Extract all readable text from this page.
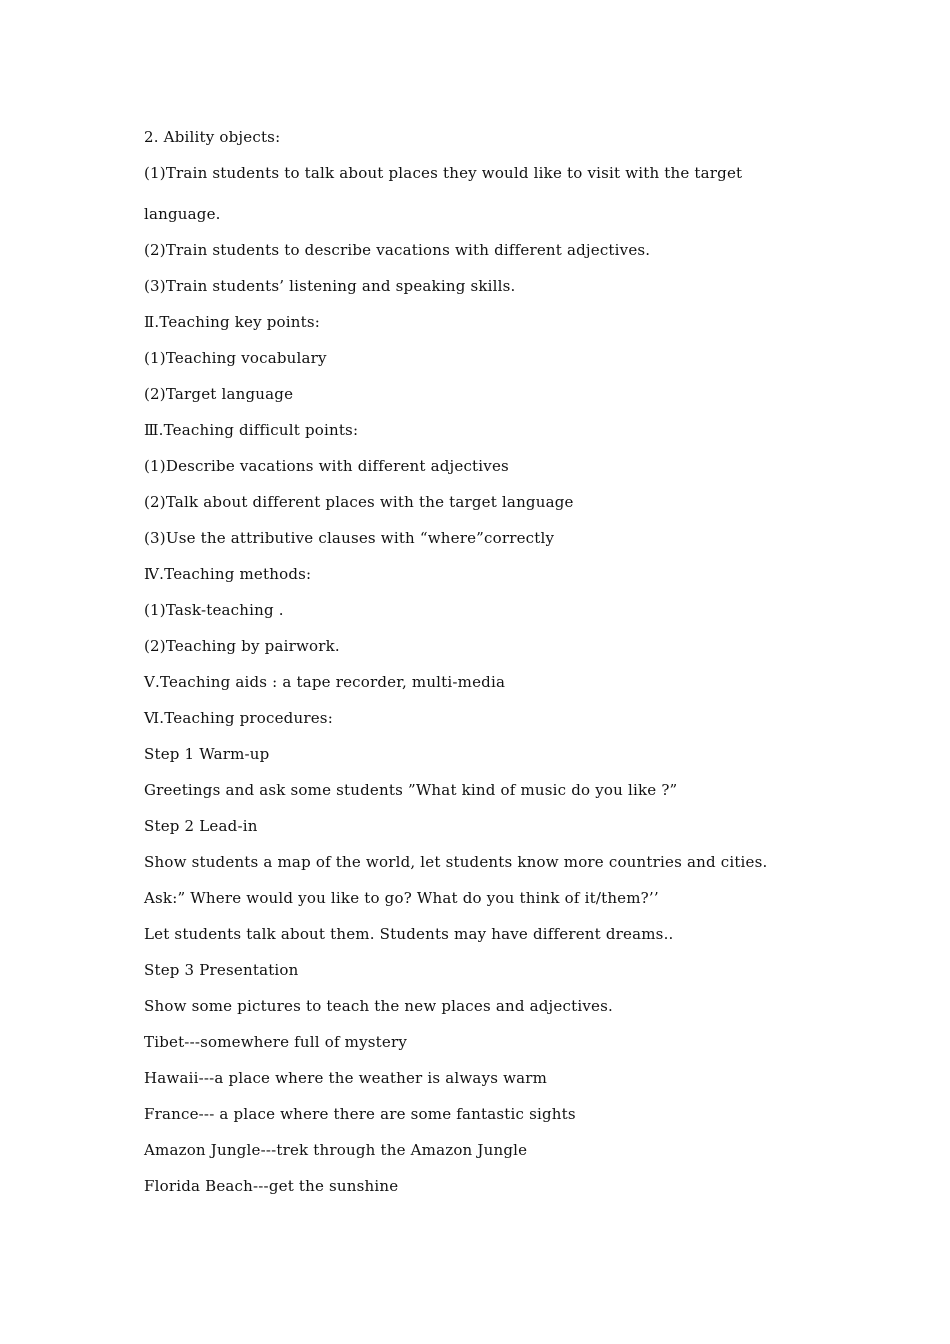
2. Ability objects:
(1)Train students to talk about places they would like to visit with the target
language.
(2)Train students to describe vacations with different adjectives.
(3)Train students’ listening and speaking skills.
Ⅱ.Teaching key points:
(1)Teaching vocabulary
(2)Target language
Ⅲ.Teaching difficult points:
(1)Describe vacations with different adjectives
(2)Talk about different places with the target language
(3)Use the attributive clauses with “where”correctly
Ⅳ.Teaching methods:
(1)Task-teaching .
(2)Teaching by pairwork.
Ⅴ.Teaching aids : a tape recorder, multi-media
Ⅵ.Teaching procedures:
Step 1 Warm-up
Greetings and ask some students ”What kind of music do you like ?”
Step 2 Lead-in
Show students a map of the world, let students know more countries and cities.
Ask:” Where would you like to go? What do you think of it/them?’’
Let students talk about them. Students may have different dreams..
Step 3 Presentation
Show some pictures to teach the new places and adjectives.
Tibet---somewhere full of mystery
Hawaii---a place where the weather is always warm
France--- a place where there are some fantastic sights
Amazon Jungle---trek through the Amazon Jungle
Florida Beach---get the sunshine
